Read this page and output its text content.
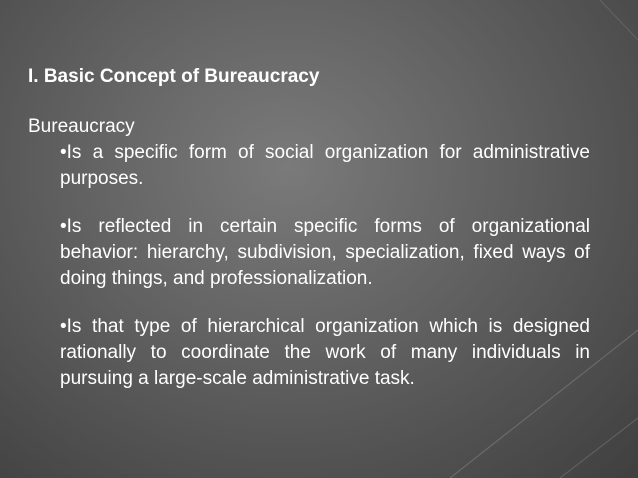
I. Basic Concept of Bureaucracy

Bureaucracy

•Is a specific form of social organization for administrative purposes.

•Is reflected in certain specific forms of organizational behavior: hierarchy, subdivision, specialization, fixed ways of doing things, and professionalization.

•Is that type of hierarchical organization which is designed rationally to coordinate the work of many individuals in pursuing a large-scale administrative task.
